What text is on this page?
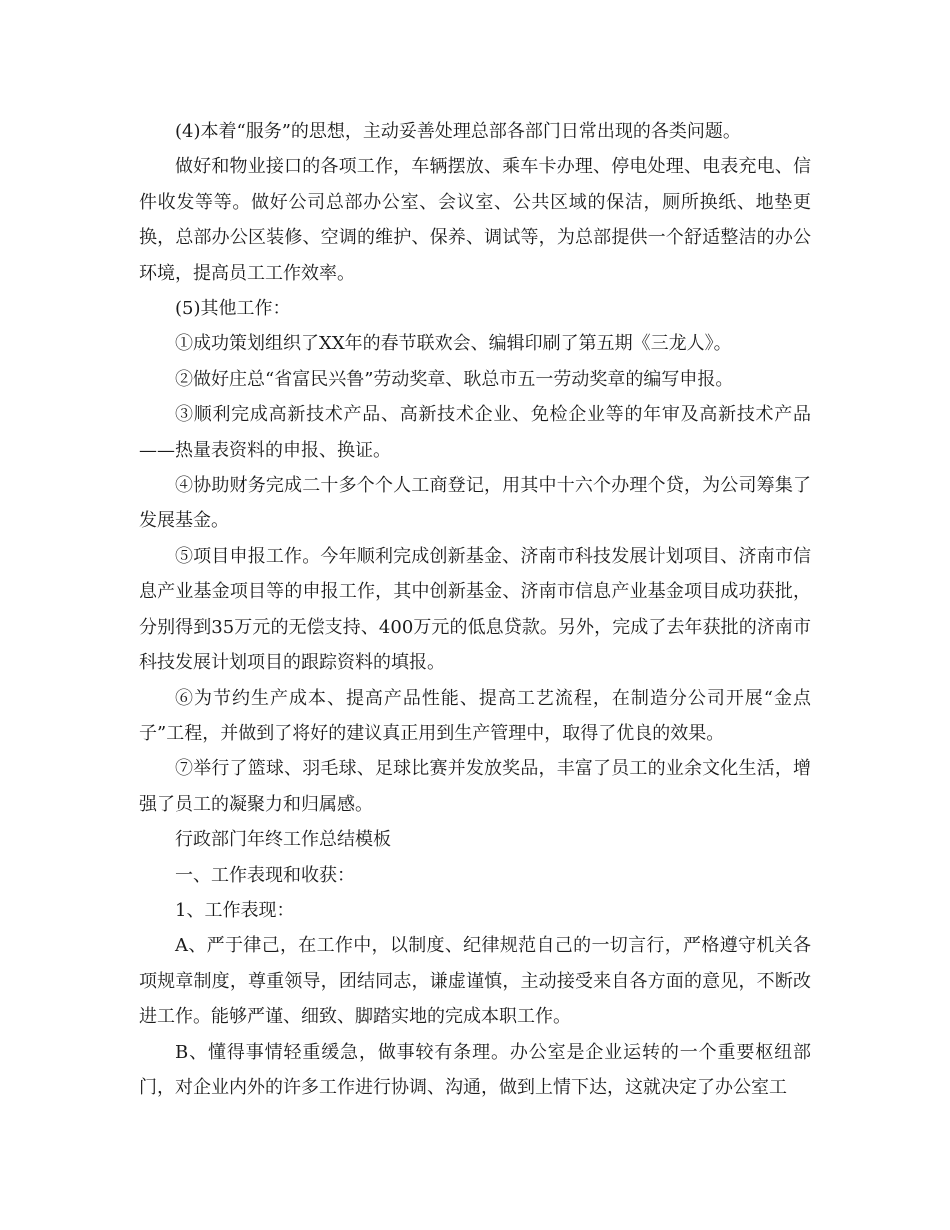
(4)本着“服务”的思想，主动妥善处理总部各部门日常出现的各类问题。

做好和物业接口的各项工作，车辆摆放、乘车卡办理、停电处理、电表充电、信件收发等等。做好公司总部办公室、会议室、公共区域的保洁，厕所换纸、地垫更换，总部办公区装修、空调的维护、保养、调试等，为总部提供一个舒适整洁的办公环境，提高员工工作效率。

(5)其他工作：

①成功策划组织了XX年的春节联欢会、编辑印刷了第五期《三龙人》。

②做好庄总“省富民兴鲁”劳动奖章、耿总市五一劳动奖章的编写申报。

③顺利完成高新技术产品、高新技术企业、免检企业等的年审及高新技术产品——热量表资料的申报、换证。

④协助财务完成二十多个个人工商登记，用其中十六个办理个贷，为公司筹集了发展基金。

⑤项目申报工作。今年顺利完成创新基金、济南市科技发展计划项目、济南市信息产业基金项目等的申报工作，其中创新基金、济南市信息产业基金项目成功获批，分别得到35万元的无偿支持、400万元的低息贷款。另外，完成了去年获批的济南市科技发展计划项目的跟踪资料的填报。

⑥为节约生产成本、提高产品性能、提高工艺流程，在制造分公司开展“金点子”工程，并做到了将好的建议真正用到生产管理中，取得了优良的效果。

⑦举行了篮球、羽毛球、足球比赛并发放奖品，丰富了员工的业余文化生活，增强了员工的凝聚力和归属感。

行政部门年终工作总结模板

一、工作表现和收获：

1、工作表现：

A、严于律己，在工作中，以制度、纪律规范自己的一切言行，严格遵守机关各项规章制度，尊重领导，团结同志，谦虚谨慎，主动接受来自各方面的意见，不断改进工作。能够严谨、细致、脚踏实地的完成本职工作。

B、懂得事情轻重缓急，做事较有条理。办公室是企业运转的一个重要枢纽部门，对企业内外的许多工作进行协调、沟通，做到上情下达，这就决定了办公室工
